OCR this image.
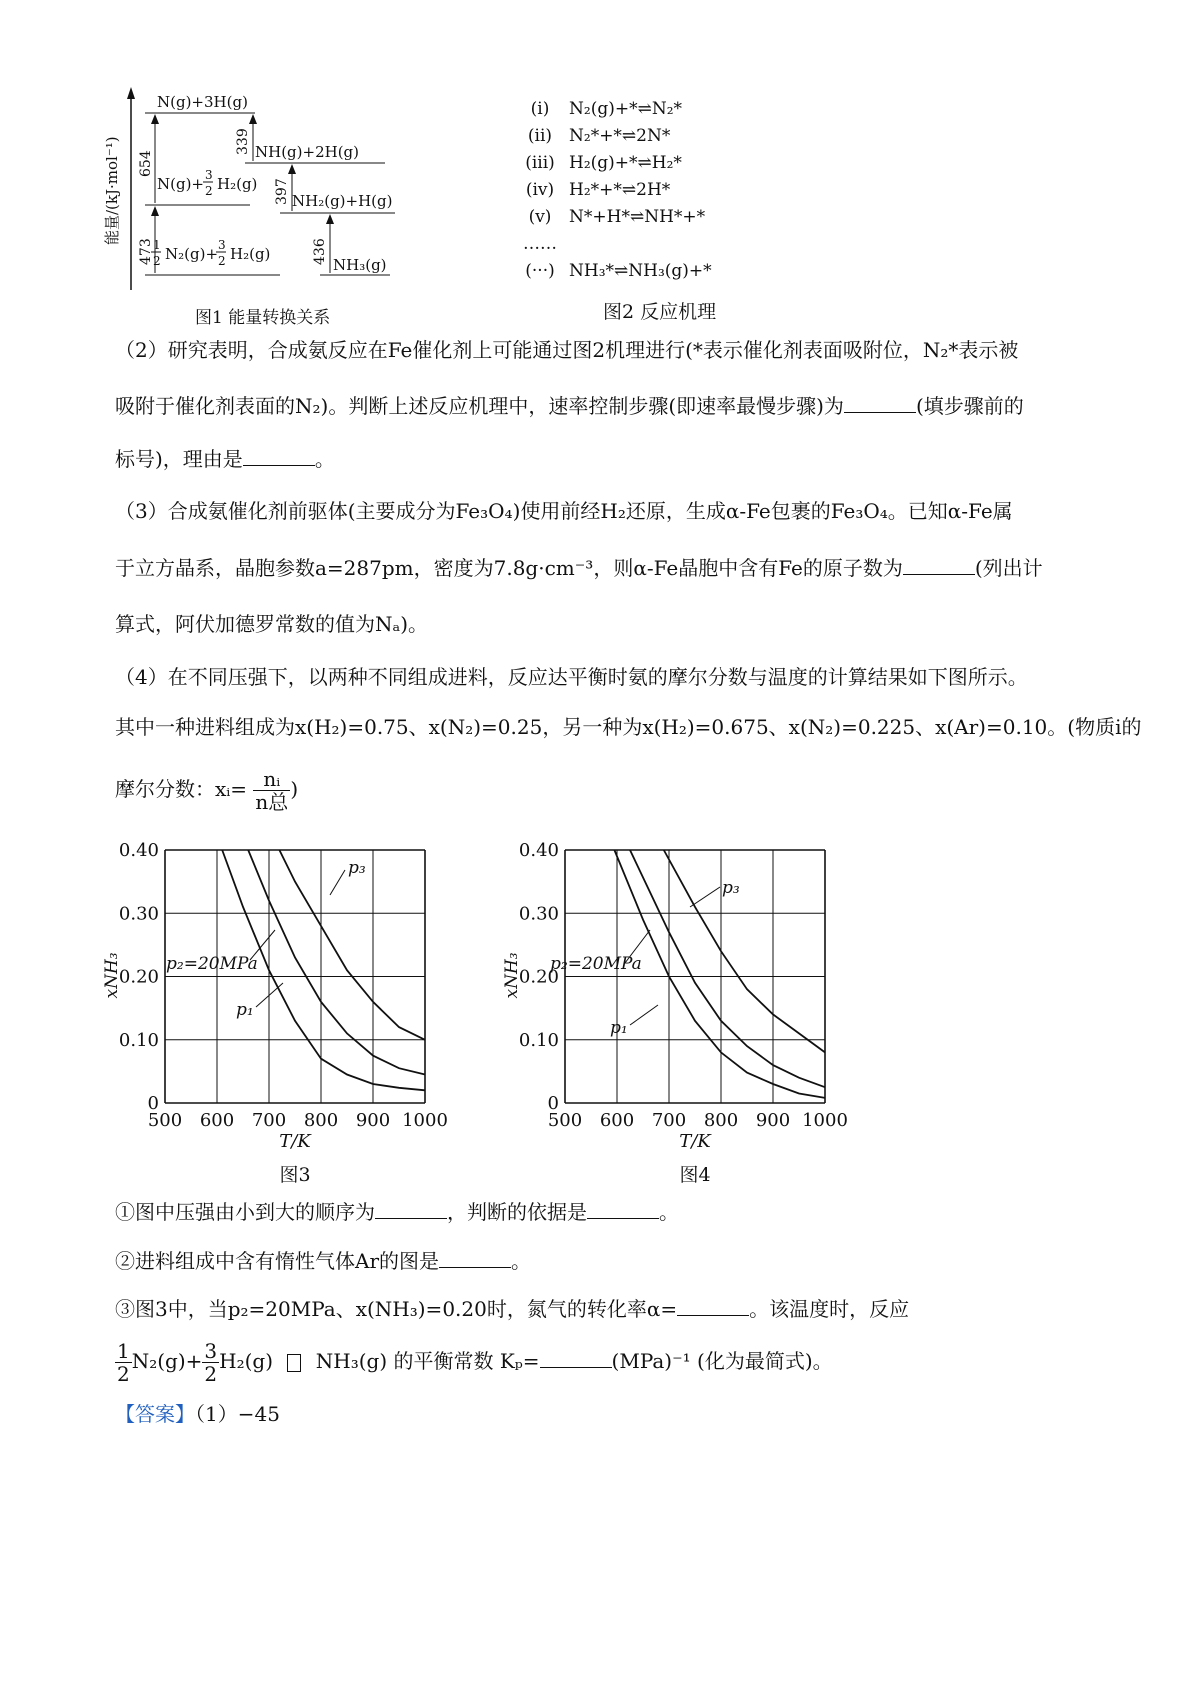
能量/(kJ·mol⁻¹)
N(g)+3H(g)
NH(g)+2H(g)
N(g)+ 3
2 H₂(g)
NH₂(g)+H(g)
1
2 N₂(g)+ 3
2 H₂(g)
NH₃(g)
473
654
339
397
436
图1 能量转换关系
(i) N₂(g)+*⇌N₂*
(ii) N₂*+*⇌2N*
(iii) H₂(g)+*⇌H₂*
(iv) H₂*+*⇌2H*
(v) N*+H*⇌NH*+*
……
(···) NH₃*⇌NH₃(g)+*
图2 反应机理
（2）研究表明，合成氨反应在Fe催化剂上可能通过图2机理进行(*表示催化剂表面吸附位，N₂*表示被
吸附于催化剂表面的N₂)。判断上述反应机理中，速率控制步骤(即速率最慢步骤)为	(填步骤前的
标号)，理由是	。
（3）合成氨催化剂前驱体(主要成分为Fe₃O₄)使用前经H₂还原，生成α-Fe包裹的Fe₃O₄。已知α-Fe属
于立方晶系，晶胞参数a=287pm，密度为7.8g·cm⁻³，则α-Fe晶胞中含有Fe的原子数为	(列出计
算式，阿伏加德罗常数的值为Nₐ)。
（4）在不同压强下，以两种不同组成进料，反应达平衡时氨的摩尔分数与温度的计算结果如下图所示。
其中一种进料组成为x(H₂)=0.75、x(N₂)=0.25，另一种为x(H₂)=0.675、x(N₂)=0.225、x(Ar)=0.10。(物质i的
摩尔分数：xᵢ= $\frac{\text{nᵢ}}{\text{n总}}$ )
0.40
0.30
0.20
0.10
0
500 600 700 800 900 1000
T/K
xNH₃
图3
p₃
p₂=20MPa
p₁
0.40
0.30
0.20
0.10
0
500 600 700 800 900 1000
T/K
xNH₃
图4
p₃
p₂=20MPa
p₁
①图中压强由小到大的顺序为	，判断的依据是	。
②进料组成中含有惰性气体Ar的图是	。
③图3中，当p₂=20MPa、x(NH₃)=0.20时，氮气的转化率α=	。该温度时，反应
$\frac{1}{2} N_2(g)+ \frac{3}{2} H_2(g)$ NH₃(g) 的平衡常数 Kₚ=	(MPa)⁻¹ (化为最简式)。
【答案】（1）−45
